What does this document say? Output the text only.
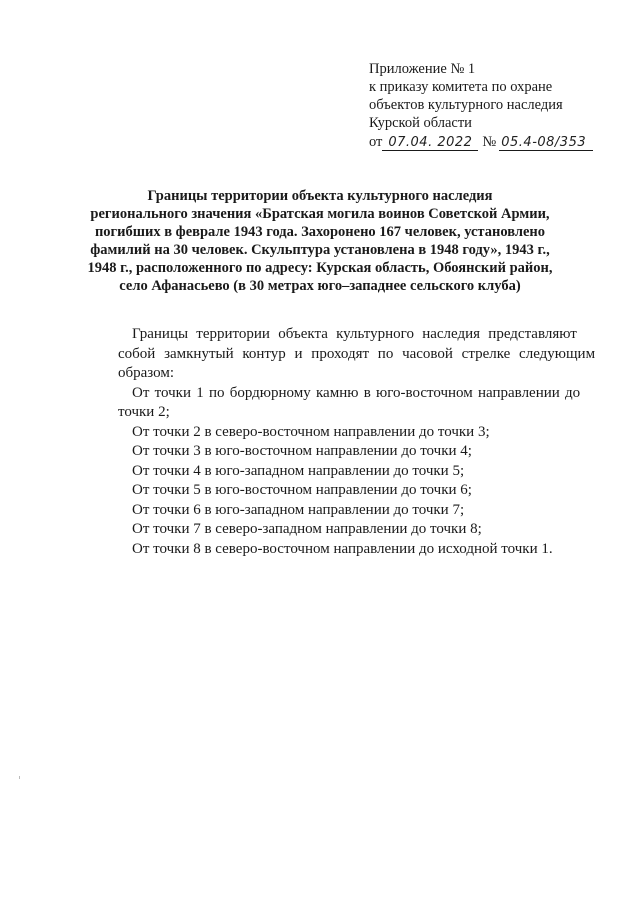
Приложение № 1
к приказу комитета по охране
объектов культурного наследия
Курской области
от 07.04. 2022 № 05.4-08/353
Границы территории объекта культурного наследия
регионального значения «Братская могила воинов Советской Армии,
погибших в феврале 1943 года. Захоронено 167 человек, установлено
фамилий на 30 человек. Скульптура установлена в 1948 году», 1943 г.,
1948 г., расположенного по адресу: Курская область, Обоянский район,
село Афанасьево (в 30 метрах юго–западнее сельского клуба)
Границы территории объекта культурного наследия представляют
собой замкнутый контур и проходят по часовой стрелке следующим
образом:
От точки 1 по бордюрному камню в юго-восточном направлении до
точки 2;
От точки 2 в северо-восточном направлении до точки 3;
От точки 3 в юго-восточном направлении до точки 4;
От точки 4 в юго-западном направлении до точки 5;
От точки 5 в юго-восточном направлении до точки 6;
От точки 6 в юго-западном направлении до точки 7;
От точки 7 в северо-западном направлении до точки 8;
От точки 8 в северо-восточном направлении до исходной точки 1.
